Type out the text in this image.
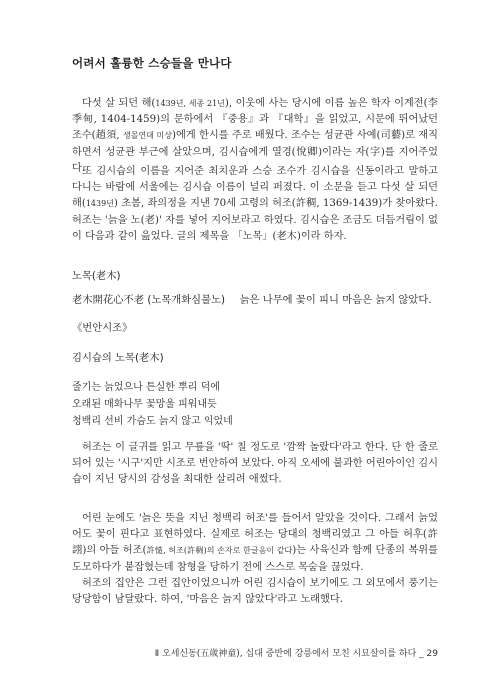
어려서 훌륭한 스승들을 만나다

다섯 살 되던 해(1439년, 세종 21년), 이웃에 사는 당시에 이름 높은 학자 이계전(李季甸, 1404-1459)의 문하에서 『중용』과 『대학』을 읽었고, 시문에 뛰어났던 조수(趙須, 생몰연대 미상)에게 한시를 주로 배웠다. 조수는 성균관 사예(司藝)로 재직하면서 성균관 부근에 살았으며, 김시습에게 열경(悅卿)이라는 자(字)를 지어주었다.

또 김시습의 이름을 지어준 최치운과 스승 조수가 김시습을 신동이라고 말하고 다니는 바람에 서울에는 김시습 이름이 널리 퍼졌다. 이 소문을 듣고 다섯 살 되던 해(1439년) 초봄, 좌의정을 지낸 70세 고령의 허조(許稠, 1369-1439)가 찾아왔다. 허조는 '늙을 노(老)' 자를 넣어 지어보라고 하였다. 김시습은 조금도 더듬거림이 없이 다음과 같이 읊었다. 글의 제목을 「노목」(老木)이라 하자.

노목(老木)
老木開花心不老 (노목개화심불노) 늙은 나무에 꽃이 피니 마음은 늙지 않았다.
《번안시조》
김시습의 노목(老木)
줄기는 늙었으나 튼실한 뿌리 덕에
오래된 매화나무 꽃망울 피워내듯
청백리 선비 가슴도 늙지 않고 익었네

허조는 이 글귀를 읽고 무릎을 '딱' 칠 정도로 '깜짝 놀랐다'라고 한다. 단 한 줄로 되어 있는 '시구'지만 시조로 번안하여 보았다. 아직 오세에 불과한 어린아이인 김시습이 지닌 당시의 감성을 최대한 살리려 애썼다.

어린 눈에도 '늙은 뜻을 지닌 청백리 허조'를 들어서 알았을 것이다. 그래서 늙었어도 꽃이 핀다고 표현하였다. 실제로 허조는 당대의 청백리였고 그 아들 허후(許詡)의 아들 허조(許慥, 허조(許稠)의 손자로 한글음이 같다)는 사육신과 함께 단종의 복위를 도모하다가 붙잡혔는데 참형을 당하기 전에 스스로 목숨을 끊었다.

허조의 집안은 그런 집안이었으니까 어린 김시습이 보기에도 그 외모에서 풍기는 당당함이 남달랐다. 하여, '마음은 늙지 않았다'라고 노래했다.

Ⅱ 오세신동(五歲神童), 십대 중반에 강릉에서 모친 시묘살이를 하다 _ 29
